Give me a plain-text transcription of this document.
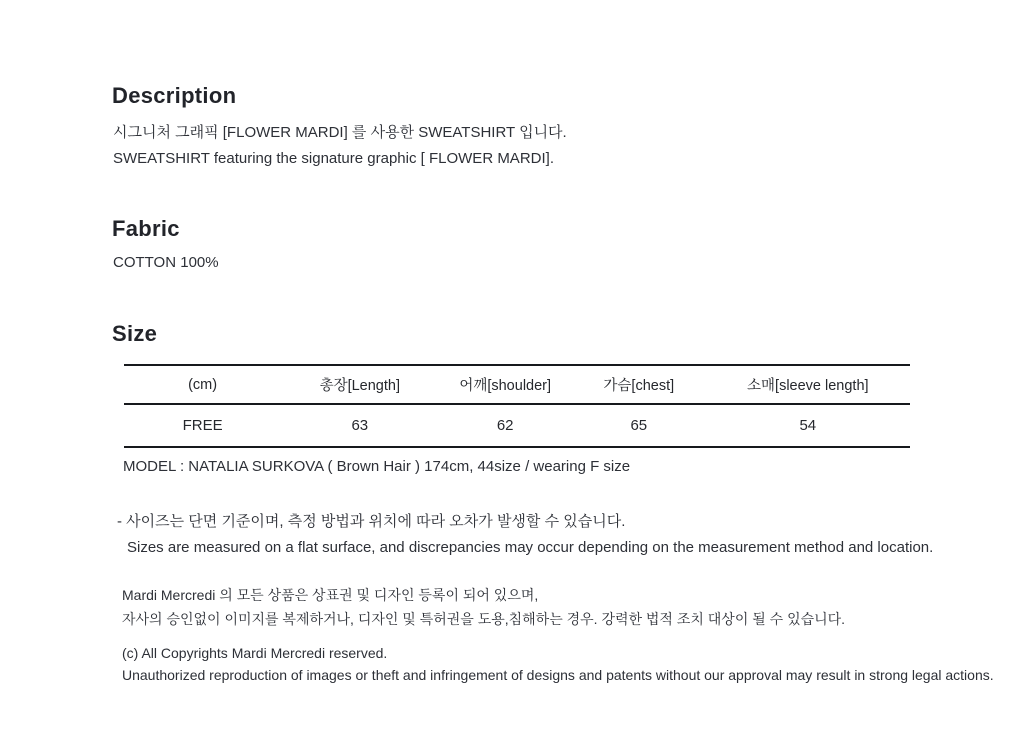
Description
시그니처 그래픽 [FLOWER MARDI] 를 사용한 SWEATSHIRT 입니다.
SWEATSHIRT featuring the signature graphic [ FLOWER MARDI].
Fabric
COTTON 100%
Size
(cm)	총장[Length]	어깨[shoulder]	가슴[chest]	소매[sleeve length]
FREE	63	62	65	54
MODEL : NATALIA SURKOVA ( Brown Hair ) 174cm, 44size / wearing F size
- 사이즈는 단면 기준이며, 측정 방법과 위치에 따라 오차가 발생할 수 있습니다.
Sizes are measured on a flat surface, and discrepancies may occur depending on the measurement method and location.
Mardi Mercredi 의 모든 상품은 상표권 및 디자인 등록이 되어 있으며,
자사의 승인없이 이미지를 복제하거나, 디자인 및 특허권을 도용,침해하는 경우. 강력한 법적 조치 대상이 될 수 있습니다.
(c) All Copyrights Mardi Mercredi reserved.
Unauthorized reproduction of images or theft and infringement of designs and patents without our approval may result in strong legal actions.
